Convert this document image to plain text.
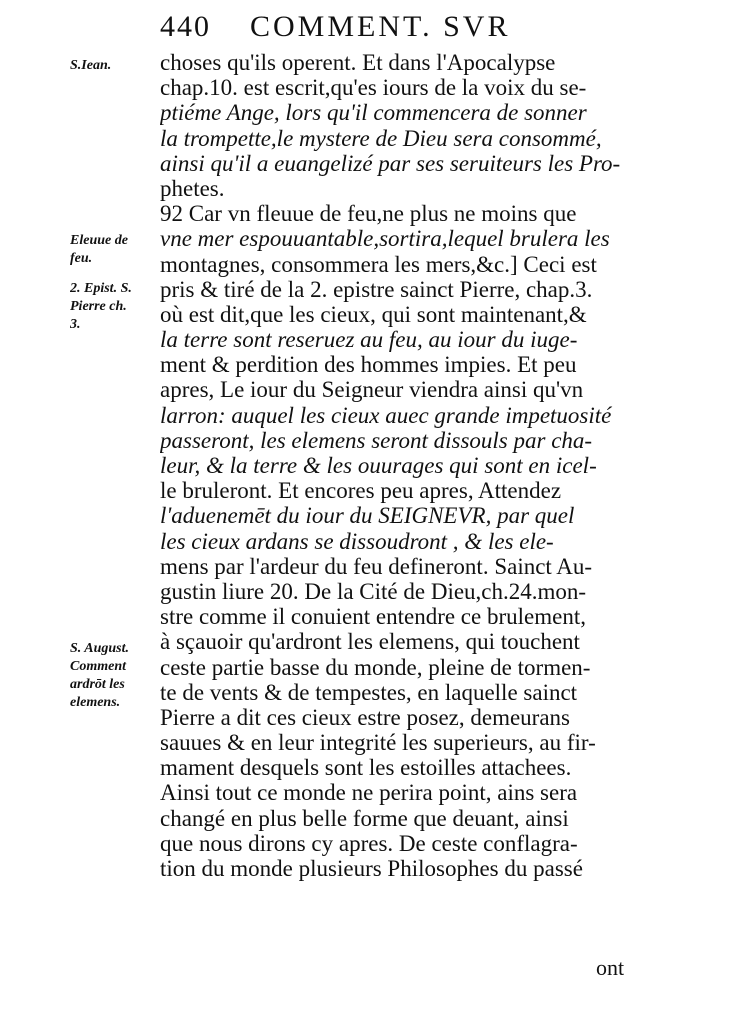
440 COMMENT. SVR
S.Iean.
Eleuue de
feu.
2. Epist. S.
Pierre ch.
3.
S. August.
Comment
ardrōt les
elemens.
choses qu'ils operent. Et dans l'Apocalypse
chap.10. est escrit,qu'es iours de la voix du se-
ptiéme Ange, lors qu'il commencera de sonner
la trompette,le mystere de Dieu sera consommé,
ainsi qu'il a euangelizé par ses seruiteurs les Pro-
phetes.
92 Car vn fleuue de feu,ne plus ne moins que
vne mer espouuantable,sortira,lequel brulera les
montagnes, consommera les mers,&c.] Ceci est
pris & tiré de la 2. epistre sainct Pierre, chap.3.
où est dit,que les cieux, qui sont maintenant,&
la terre sont reseruez au feu, au iour du iuge-
ment & perdition des hommes impies. Et peu
apres, Le iour du Seigneur viendra ainsi qu'vn
larron: auquel les cieux auec grande impetuosité
passeront, les elemens seront dissouls par cha-
leur, & la terre & les ouurages qui sont en icel-
le bruleront. Et encores peu apres, Attendez
l'aduenemēt du iour du SEIGNEVR, par quel
les cieux ardans se dissoudront , & les ele-
mens par l'ardeur du feu defineront. Sainct Au-
gustin liure 20. De la Cité de Dieu,ch.24.mon-
stre comme il conuient entendre ce brulement,
à sçauoir qu'ardront les elemens, qui touchent
ceste partie basse du monde, pleine de tormen-
te de vents & de tempestes, en laquelle sainct
Pierre a dit ces cieux estre posez, demeurans
sauues & en leur integrité les superieurs, au fir-
mament desquels sont les estoilles attachees.
Ainsi tout ce monde ne perira point, ains sera
changé en plus belle forme que deuant, ainsi
que nous dirons cy apres. De ceste conflagra-
tion du monde plusieurs Philosophes du passé
ont
